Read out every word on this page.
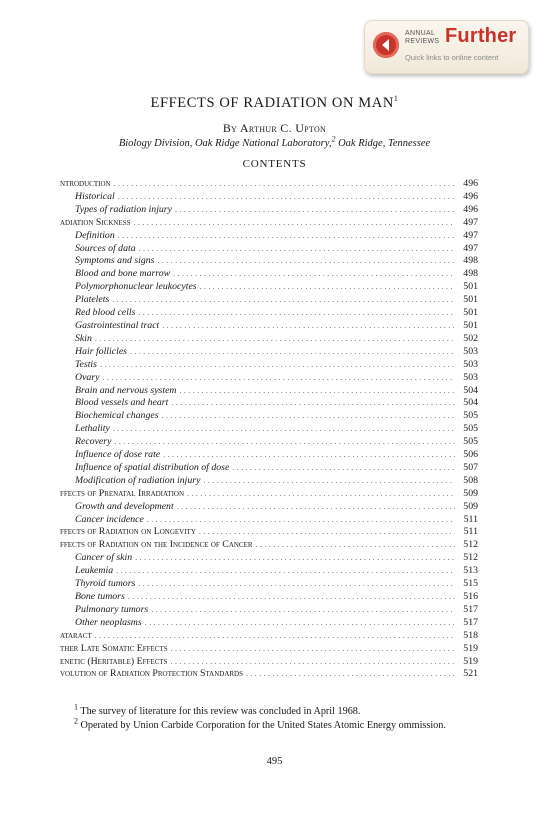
ANNUAL
REVIEWS Further
Quick links to online content
EFFECTS OF RADIATION ON MAN$^1$
By Arthur C. Upton
Biology Division, Oak Ridge National Laboratory,$^2$ Oak Ridge, Tennessee
CONTENTS
ntroduction .....	496
Historical .....	496
Types of radiation injury .....	496
adiation Sickness .....	497
Definition .....	497
Sources of data .....	497
Symptoms and signs .....	498
Blood and bone marrow .....	498
Polymorphonuclear leukocytes .....	501
Platelets .....	501
Red blood cells .....	501
Gastrointestinal tract .....	501
Skin .....	502
Hair follicles .....	503
Testis .....	503
Ovary .....	503
Brain and nervous system .....	504
Blood vessels and heart .....	504
Biochemical changes .....	505
Lethality .....	505
Recovery .....	505
Influence of dose rate .....	506
Influence of spatial distribution of dose .....	507
Modification of radiation injury .....	508
ffects of Prenatal Irradiation .....	509
Growth and development .....	509
Cancer incidence .....	511
ffects of Radiation on Longevity .....	511
ffects of Radiation on the Incidence of Cancer .....	512
Cancer of skin .....	512
Leukemia .....	513
Thyroid tumors .....	515
Bone tumors .....	516
Pulmonary tumors .....	517
Other neoplasms .....	517
ataract .....	518
ther Late Somatic Effects .....	519
enetic (Heritable) Effects .....	519
volution of Radiation Protection Standards .....	521
$^1$ The survey of literature for this review was concluded in April 1968.
$^2$ Operated by Union Carbide Corporation for the United States Atomic Energy ommission.
495
